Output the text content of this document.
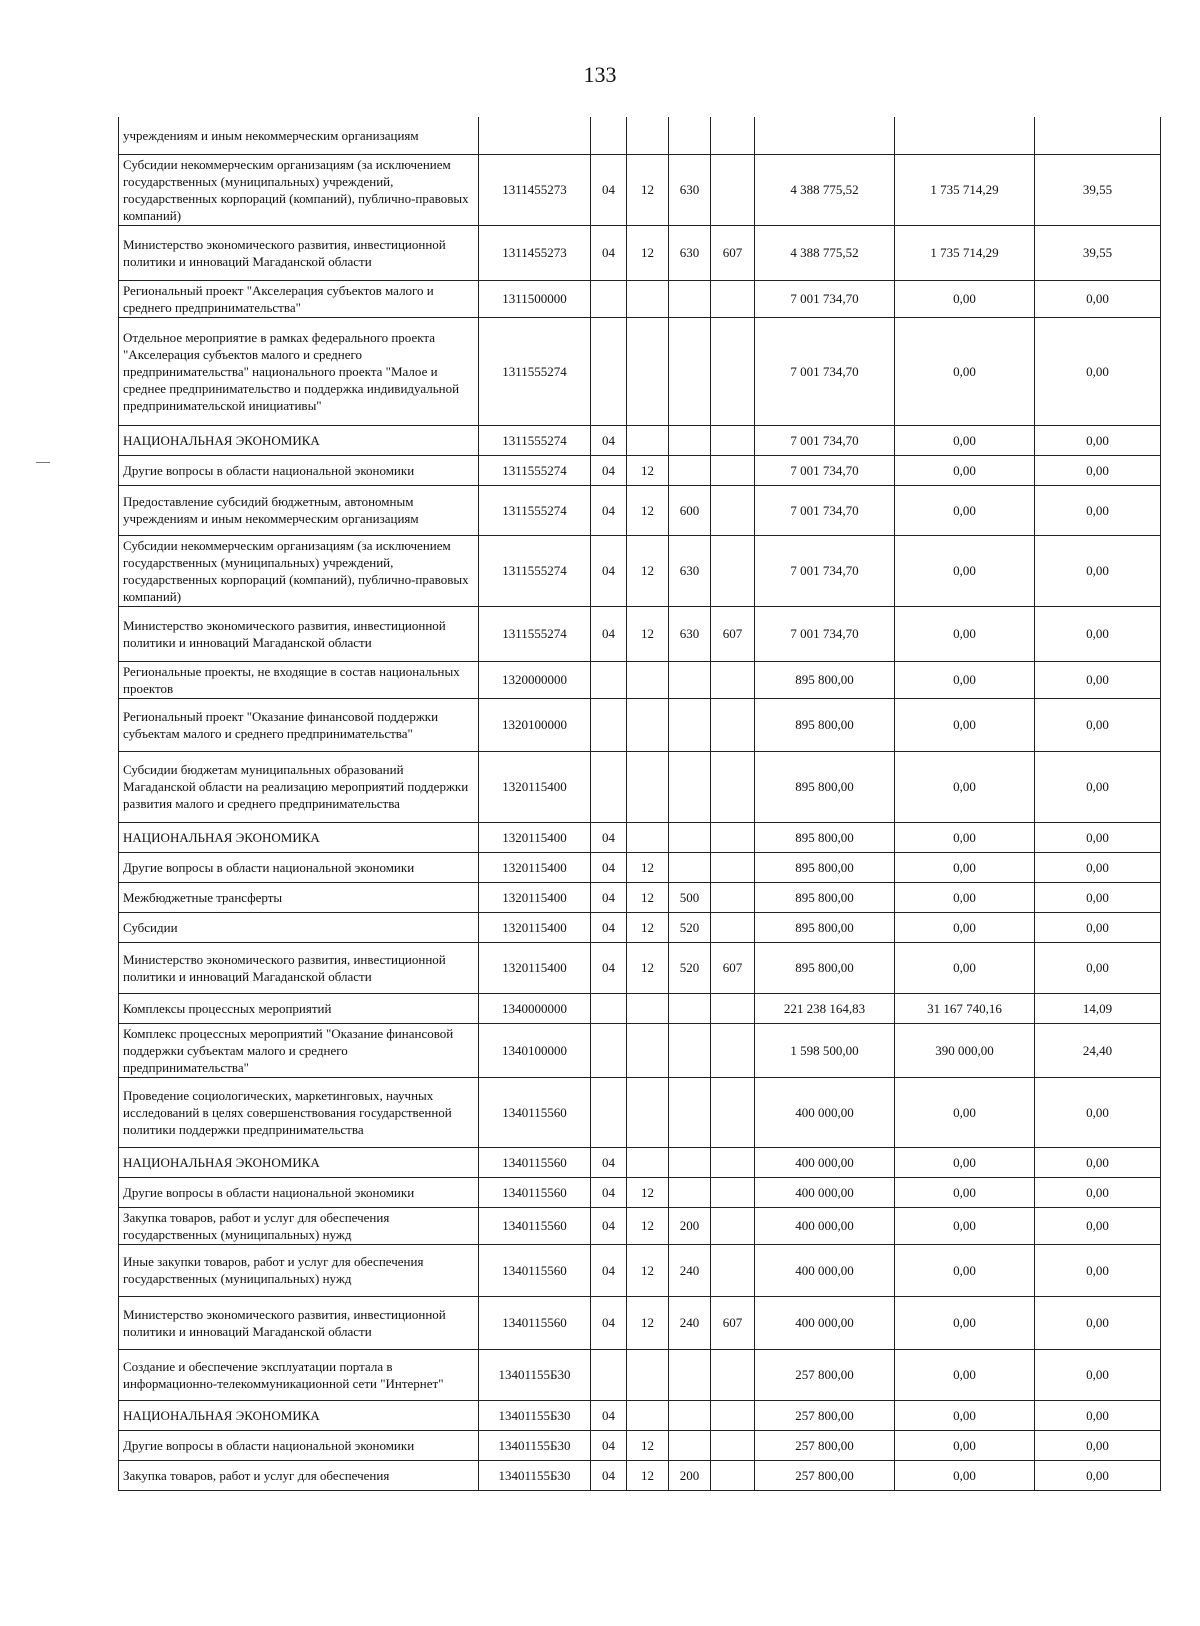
133
учреждениям и иным некоммерческим организациям								
Субсидии некоммерческим организациям (за исключением государственных (муниципальных) учреждений, государственных корпораций (компаний), публично-правовых компаний)	1311455273	04	12	630		4 388 775,52	1 735 714,29	39,55
Министерство экономического развития, инвестиционной политики и инноваций Магаданской области	1311455273	04	12	630	607	4 388 775,52	1 735 714,29	39,55
Региональный проект "Акселерация субъектов малого и среднего предпринимательства"	1311500000					7 001 734,70	0,00	0,00
Отдельное мероприятие в рамках федерального проекта "Акселерация субъектов малого и среднего предпринимательства" национального проекта "Малое и среднее предпринимательство и поддержка индивидуальной предпринимательской инициативы"	1311555274					7 001 734,70	0,00	0,00
НАЦИОНАЛЬНАЯ ЭКОНОМИКА	1311555274	04				7 001 734,70	0,00	0,00
Другие вопросы в области национальной экономики	1311555274	04	12			7 001 734,70	0,00	0,00
Предоставление субсидий бюджетным, автономным учреждениям и иным некоммерческим организациям	1311555274	04	12	600		7 001 734,70	0,00	0,00
Субсидии некоммерческим организациям (за исключением государственных (муниципальных) учреждений, государственных корпораций (компаний), публично-правовых компаний)	1311555274	04	12	630		7 001 734,70	0,00	0,00
Министерство экономического развития, инвестиционной политики и инноваций Магаданской области	1311555274	04	12	630	607	7 001 734,70	0,00	0,00
Региональные проекты, не входящие в состав национальных проектов	1320000000					895 800,00	0,00	0,00
Региональный проект "Оказание финансовой поддержки субъектам малого и среднего предпринимательства"	1320100000					895 800,00	0,00	0,00
Субсидии бюджетам муниципальных образований Магаданской области на реализацию мероприятий поддержки развития малого и среднего предпринимательства	1320115400					895 800,00	0,00	0,00
НАЦИОНАЛЬНАЯ ЭКОНОМИКА	1320115400	04				895 800,00	0,00	0,00
Другие вопросы в области национальной экономики	1320115400	04	12			895 800,00	0,00	0,00
Межбюджетные трансферты	1320115400	04	12	500		895 800,00	0,00	0,00
Субсидии	1320115400	04	12	520		895 800,00	0,00	0,00
Министерство экономического развития, инвестиционной политики и инноваций Магаданской области	1320115400	04	12	520	607	895 800,00	0,00	0,00
Комплексы процессных мероприятий	1340000000					221 238 164,83	31 167 740,16	14,09
Комплекс процессных мероприятий "Оказание финансовой поддержки субъектам малого и среднего предпринимательства"	1340100000					1 598 500,00	390 000,00	24,40
Проведение социологических, маркетинговых, научных исследований в целях совершенствования государственной политики поддержки предпринимательства	1340115560					400 000,00	0,00	0,00
НАЦИОНАЛЬНАЯ ЭКОНОМИКА	1340115560	04				400 000,00	0,00	0,00
Другие вопросы в области национальной экономики	1340115560	04	12			400 000,00	0,00	0,00
Закупка товаров, работ и услуг для обеспечения государственных (муниципальных) нужд	1340115560	04	12	200		400 000,00	0,00	0,00
Иные закупки товаров, работ и услуг для обеспечения государственных (муниципальных) нужд	1340115560	04	12	240		400 000,00	0,00	0,00
Министерство экономического развития, инвестиционной политики и инноваций Магаданской области	1340115560	04	12	240	607	400 000,00	0,00	0,00
Создание и обеспечение эксплуатации портала в информационно-телекоммуникационной сети "Интернет"	13401155Б30					257 800,00	0,00	0,00
НАЦИОНАЛЬНАЯ ЭКОНОМИКА	13401155Б30	04				257 800,00	0,00	0,00
Другие вопросы в области национальной экономики	13401155Б30	04	12			257 800,00	0,00	0,00
Закупка товаров, работ и услуг для обеспечения	13401155Б30	04	12	200		257 800,00	0,00	0,00
